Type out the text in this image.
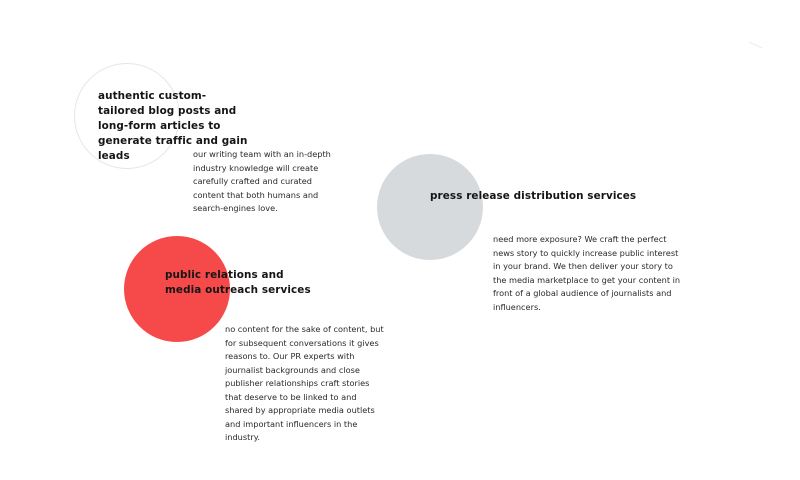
authentic custom-tailored blog posts and long-form articles to generate traffic and gain leads	our writing team with an in-depth industry knowledge will create carefully crafted and curated content that both humans and search-engines love.

press release distribution services

need more exposure? We craft the perfect news story to quickly increase public interest in your brand. We then deliver your story to the media marketplace to get your content in front of a global audience of journalists and influencers.

public relations and media outreach services

no content for the sake of content, but for subsequent conversations it gives reasons to. Our PR experts with journalist backgrounds and close publisher relationships craft stories that deserve to be linked to and shared by appropriate media outlets and important influencers in the industry.
